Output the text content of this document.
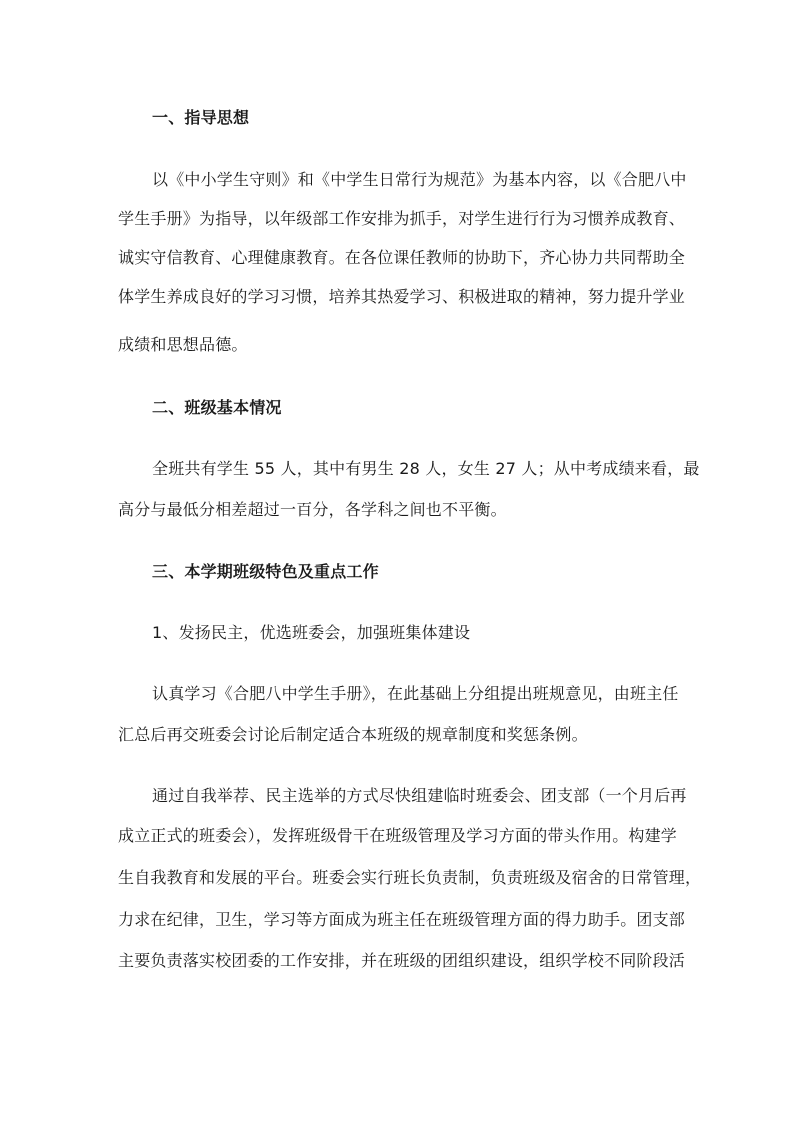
一、指导思想
以《中小学生守则》和《中学生日常行为规范》为基本内容，以《合肥八中
学生手册》为指导，以年级部工作安排为抓手，对学生进行行为习惯养成教育、
诚实守信教育、心理健康教育。在各位课任教师的协助下，齐心协力共同帮助全
体学生养成良好的学习习惯，培养其热爱学习、积极进取的精神，努力提升学业
成绩和思想品德。
二、班级基本情况
全班共有学生 55 人，其中有男生 28 人，女生 27 人；从中考成绩来看，最
高分与最低分相差超过一百分，各学科之间也不平衡。
三、本学期班级特色及重点工作
1、发扬民主，优选班委会，加强班集体建设
认真学习《合肥八中学生手册》，在此基础上分组提出班规意见，由班主任
汇总后再交班委会讨论后制定适合本班级的规章制度和奖惩条例。
通过自我举荐、民主选举的方式尽快组建临时班委会、团支部（一个月后再
成立正式的班委会），发挥班级骨干在班级管理及学习方面的带头作用。构建学
生自我教育和发展的平台。班委会实行班长负责制，负责班级及宿舍的日常管理，
力求在纪律，卫生，学习等方面成为班主任在班级管理方面的得力助手。团支部
主要负责落实校团委的工作安排，并在班级的团组织建设，组织学校不同阶段活
